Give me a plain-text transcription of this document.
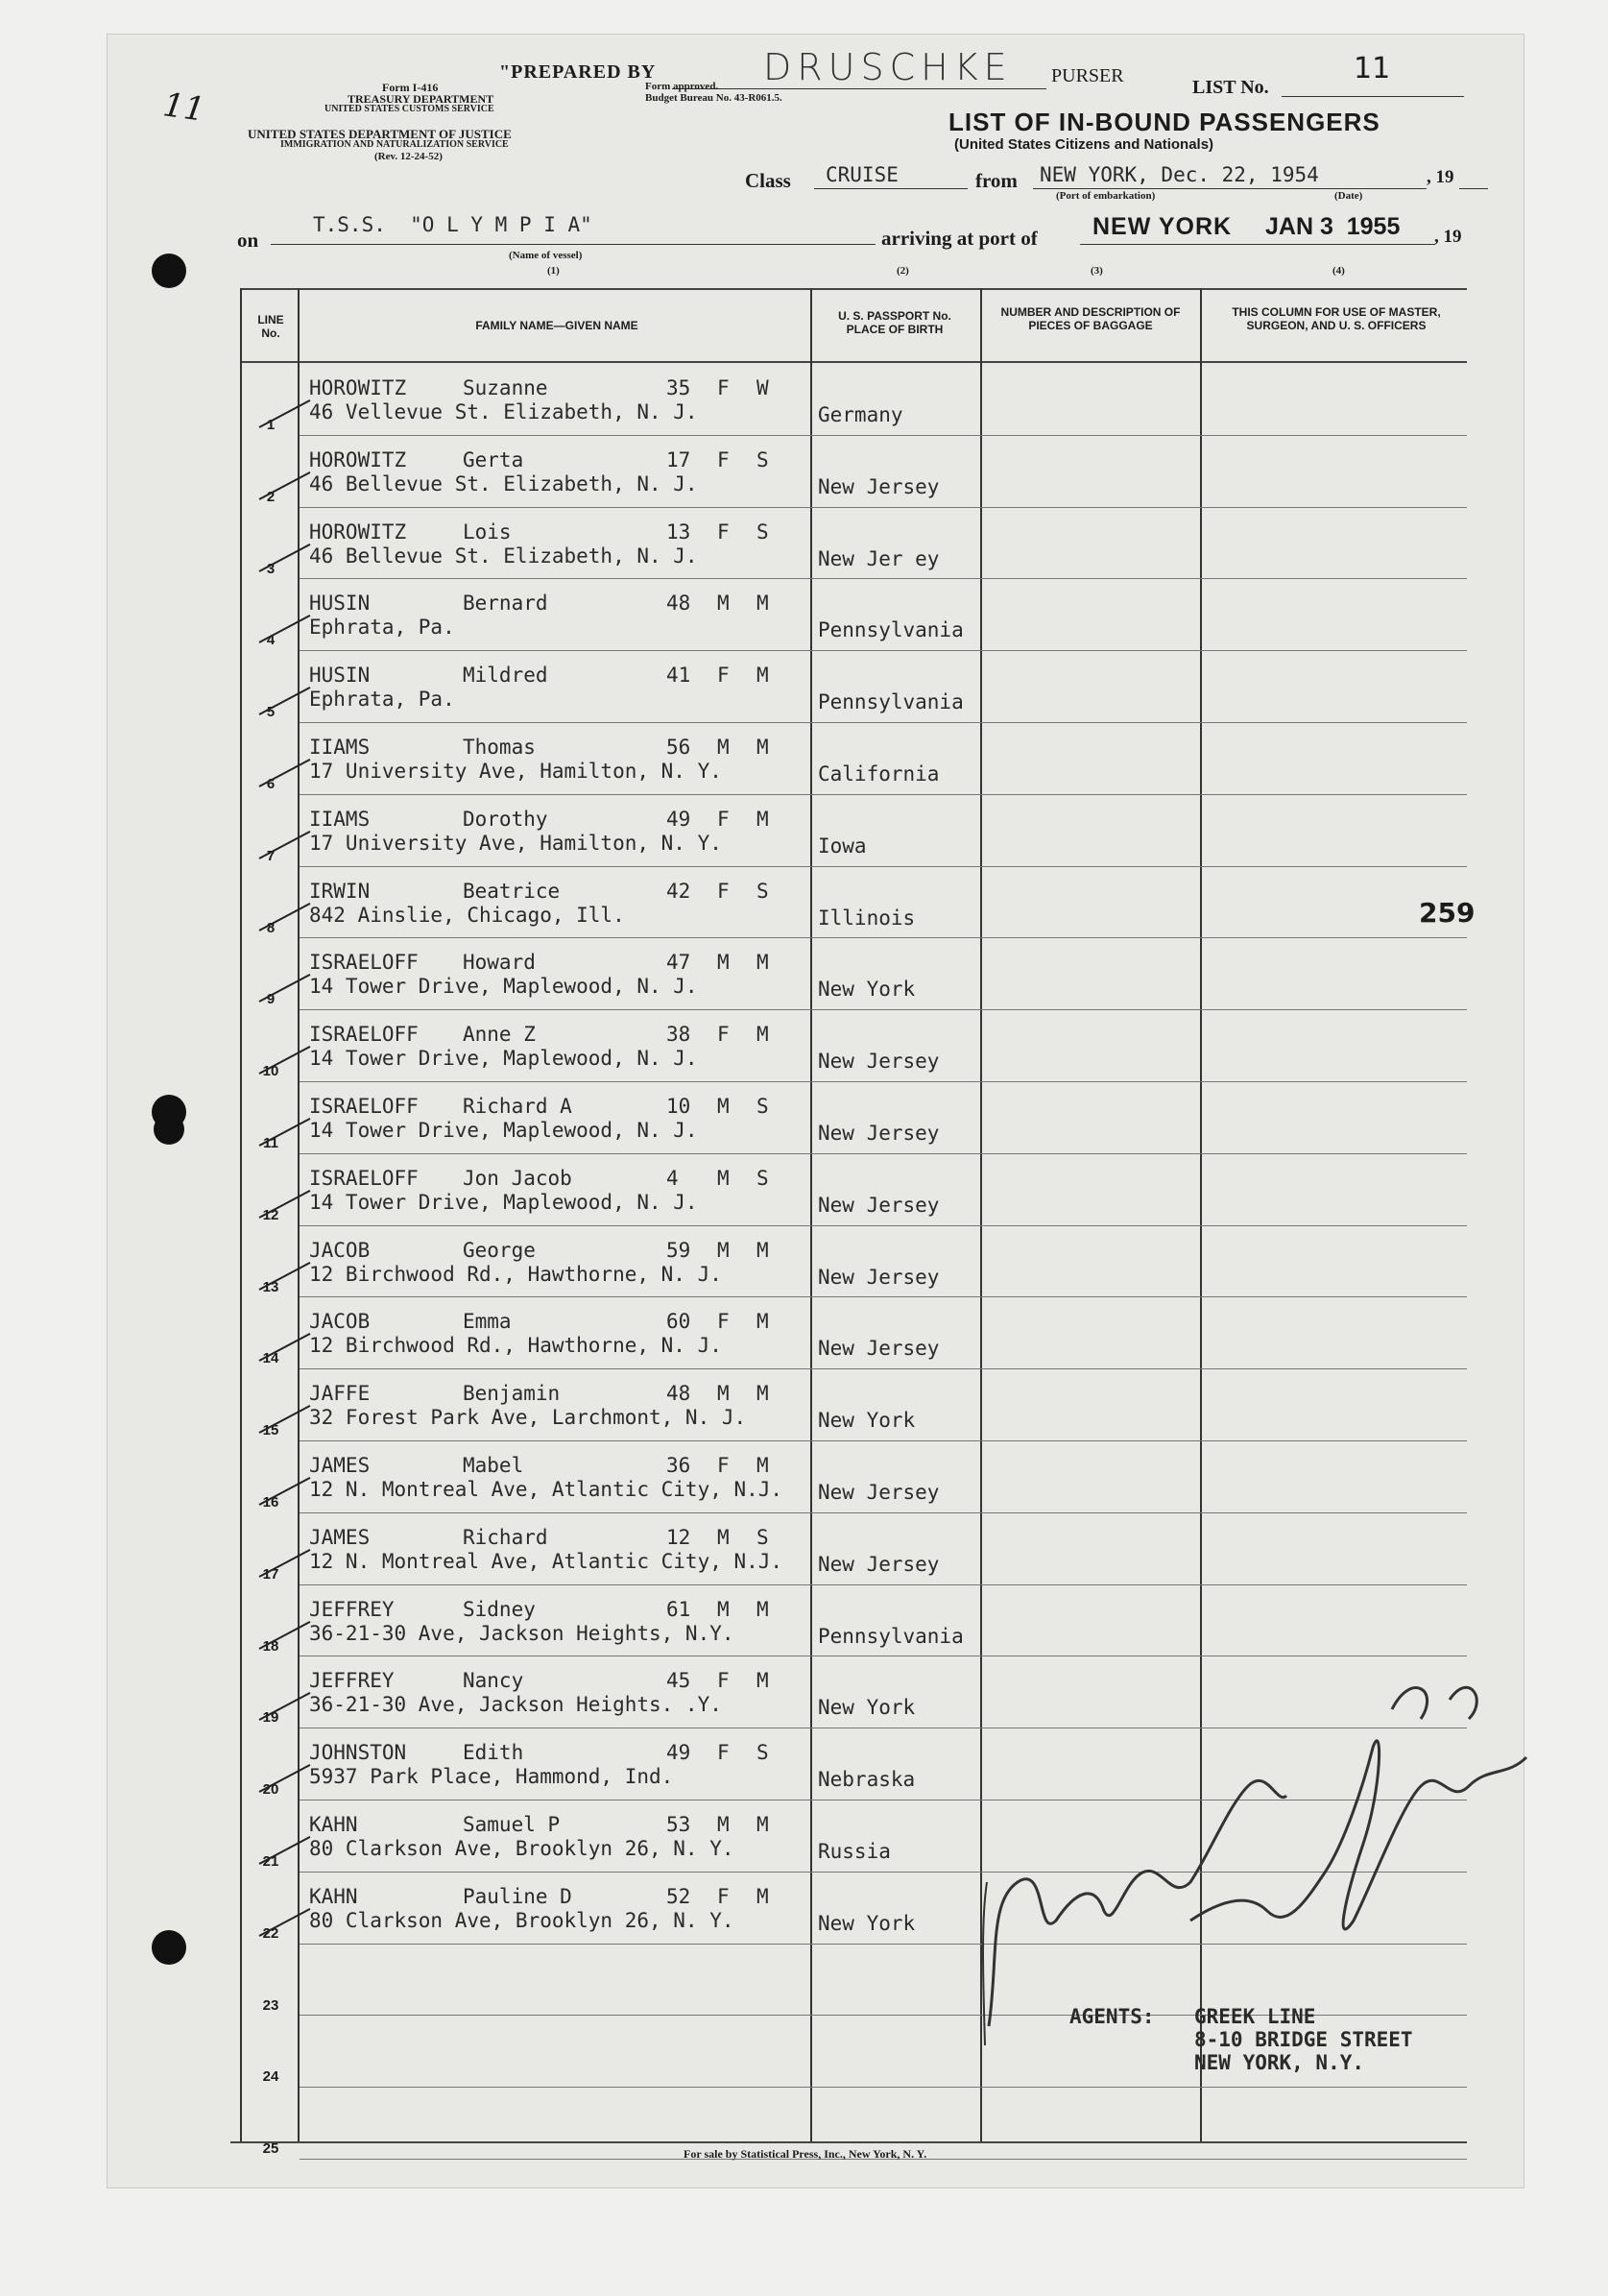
11	Form I-416
TREASURY DEPARTMENT
UNITED STATES CUSTOMS SERVICE
UNITED STATES DEPARTMENT OF JUSTICE
IMMIGRATION AND NATURALIZATION SERVICE
(Rev. 12-24-52)
"PREPARED BY	DRUSCHKE PURSER
LIST No.
11
Form approved.
Budget Bureau No. 43-R061.5.
LIST OF IN-BOUND PASSENGERS
(United States Citizens and Nationals)
Class CRUISE	from NEW YORK, Dec. 22, 1954
(Port of embarkation)	(Date)
, 19
on
T.S.S.  "O L Y M P I A"
(Name of vessel)
(1)
arriving at port of NEW YORK JAN 3  1955 , 19
(2)	(3)	(4)
LINE No.
FAMILY NAME—GIVEN NAME
U. S. PASSPORT No. PLACE OF BIRTH
NUMBER AND DESCRIPTION OF PIECES OF BAGGAGE
THIS COLUMN FOR USE OF MASTER, SURGEON, AND U. S. OFFICERS
1
HOROWITZ	Suzanne	35 F W
46 Vellevue St. Elizabeth, N. J.	Germany
2
HOROWITZ	Gerta	17 F S
46 Bellevue St. Elizabeth, N. J.	New Jersey
3
HOROWITZ	Lois	13 F S
46 Bellevue St. Elizabeth, N. J.	New Jer ey
4
HUSIN	Bernard	48 M M
Ephrata, Pa.	Pennsylvania
5
HUSIN	Mildred	41 F M
Ephrata, Pa.	Pennsylvania
6
IIAMS	Thomas	56 M M
17 University Ave, Hamilton, N. Y.	California
7
IIAMS	Dorothy	49 F M
17 University Ave, Hamilton, N. Y.	Iowa
8
IRWIN	Beatrice	42 F S
842 Ainslie, Chicago, Ill.	Illinois	259
9
ISRAELOFF Howard	47 M M
14 Tower Drive, Maplewood, N. J.	New York
10
ISRAELOFF Anne Z	38 F M
14 Tower Drive, Maplewood, N. J.	New Jersey
11
ISRAELOFF Richard A	10 M S
14 Tower Drive, Maplewood, N. J.	New Jersey
12
ISRAELOFF Jon Jacob	4 M S
14 Tower Drive, Maplewood, N. J.	New Jersey
13
JACOB	George	59 M M
12 Birchwood Rd., Hawthorne, N. J.	New Jersey
14
JACOB	Emma	60 F M
12 Birchwood Rd., Hawthorne, N. J.	New Jersey
15
JAFFE	Benjamin	48 M M
32 Forest Park Ave, Larchmont, N. J.	New York
16
JAMES	Mabel	36 F M
12 N. Montreal Ave, Atlantic City, N.J. New Jersey
17
JAMES	Richard	12 M S
12 N. Montreal Ave, Atlantic City, N.J. New Jersey
18
JEFFREY	Sidney	61 M M
36-21-30 Ave, Jackson Heights, N.Y.	Pennsylvania
19
JEFFREY	Nancy	45 F M
36-21-30 Ave, Jackson Heights. .Y.	New York
20
JOHNSTON	Edith	49 F S
5937 Park Place, Hammond, Ind.	Nebraska
21
KAHN	Samuel P	53 M M
80 Clarkson Ave, Brooklyn 26, N. Y.	Russia
22
KAHN	Pauline D	52 F M
80 Clarkson Ave, Brooklyn 26, N. Y.	New York
23
24
25
AGENTS: GREEK LINE
8-10 BRIDGE STREET
NEW YORK, N.Y.
For sale by Statistical Press, Inc., New York, N. Y.
